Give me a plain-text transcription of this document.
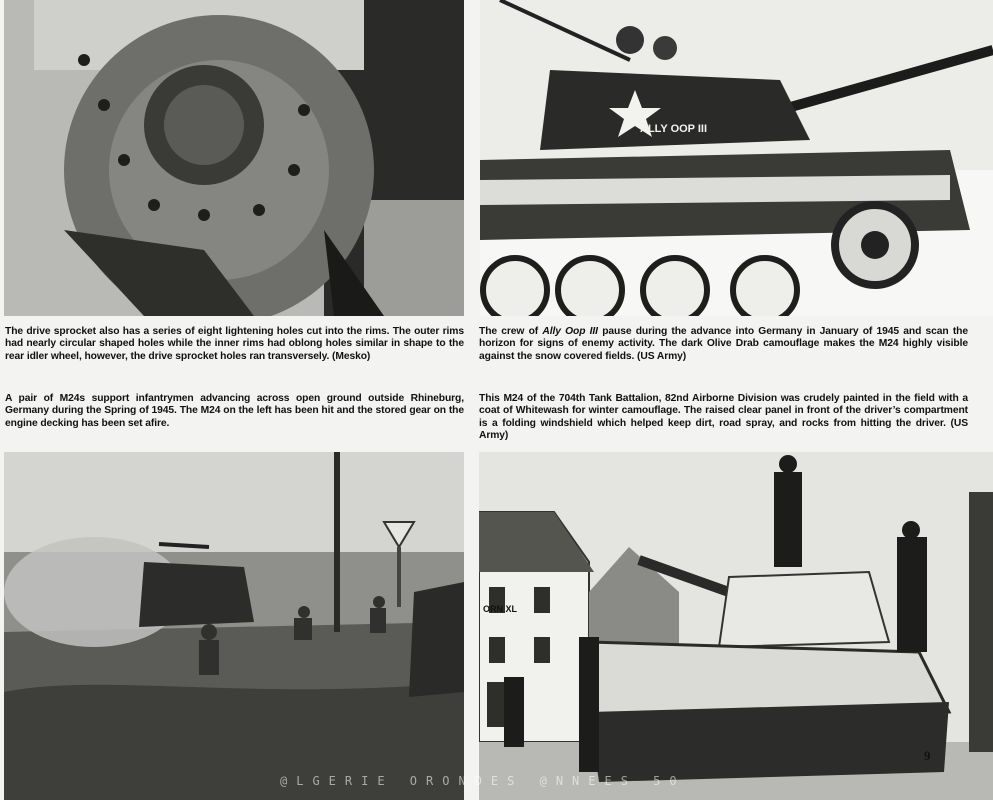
ALLY OOP III
The drive sprocket also has a series of eight lightening holes cut into the rims. The outer rims had nearly circular shaped holes while the inner rims had oblong holes similar in shape to the rear idler wheel, however, the drive sprocket holes ran transversely. (Mesko)
The crew of Ally Oop III pause during the advance into Germany in January of 1945 and scan the horizon for signs of enemy activity. The dark Olive Drab camouflage makes the M24 highly visible against the snow covered fields. (US Army)
A pair of M24s support infantrymen advancing across open ground outside Rhineburg, Germany during the Spring of 1945. The M24 on the left has been hit and the stored gear on the engine decking has been set afire.
This M24 of the 704th Tank Battalion, 82nd Airborne Division was crudely painted in the field with a coat of Whitewash for winter camouflage. The raised clear panel in front of the driver’s compartment is a folding windshield which helped keep dirt, road spray, and rocks from hitting the driver. (US Army)
ORN XL
9
@LGERIE ORONDES @NNEES 50
